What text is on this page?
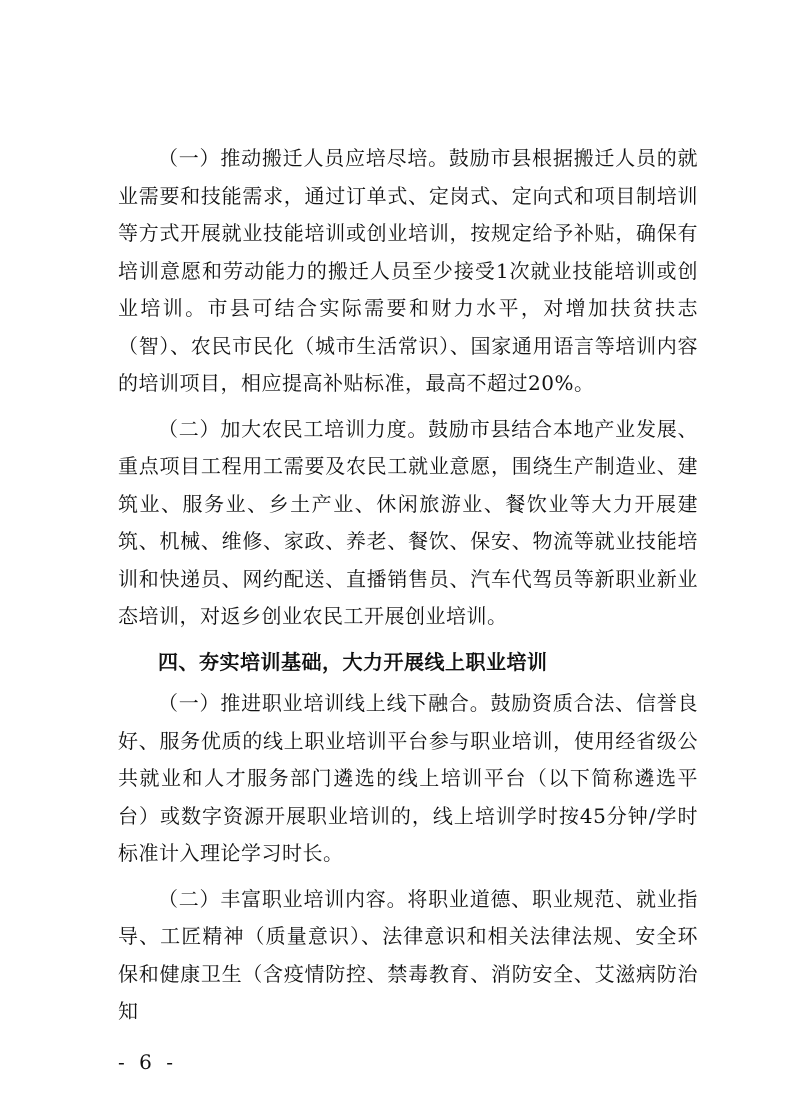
（一）推动搬迁人员应培尽培。鼓励市县根据搬迁人员的就业需要和技能需求，通过订单式、定岗式、定向式和项目制培训等方式开展就业技能培训或创业培训，按规定给予补贴，确保有培训意愿和劳动能力的搬迁人员至少接受1次就业技能培训或创业培训。市县可结合实际需要和财力水平，对增加扶贫扶志（智）、农民市民化（城市生活常识）、国家通用语言等培训内容的培训项目，相应提高补贴标准，最高不超过20%。

（二）加大农民工培训力度。鼓励市县结合本地产业发展、重点项目工程用工需要及农民工就业意愿，围绕生产制造业、建筑业、服务业、乡土产业、休闲旅游业、餐饮业等大力开展建筑、机械、维修、家政、养老、餐饮、保安、物流等就业技能培训和快递员、网约配送、直播销售员、汽车代驾员等新职业新业态培训，对返乡创业农民工开展创业培训。

四、夯实培训基础，大力开展线上职业培训

（一）推进职业培训线上线下融合。鼓励资质合法、信誉良好、服务优质的线上职业培训平台参与职业培训，使用经省级公共就业和人才服务部门遴选的线上培训平台（以下简称遴选平台）或数字资源开展职业培训的，线上培训学时按45分钟/学时标准计入理论学习时长。

（二）丰富职业培训内容。将职业道德、职业规范、就业指导、工匠精神（质量意识）、法律意识和相关法律法规、安全环保和健康卫生（含疫情防控、禁毒教育、消防安全、艾滋病防治知

- 6 -
